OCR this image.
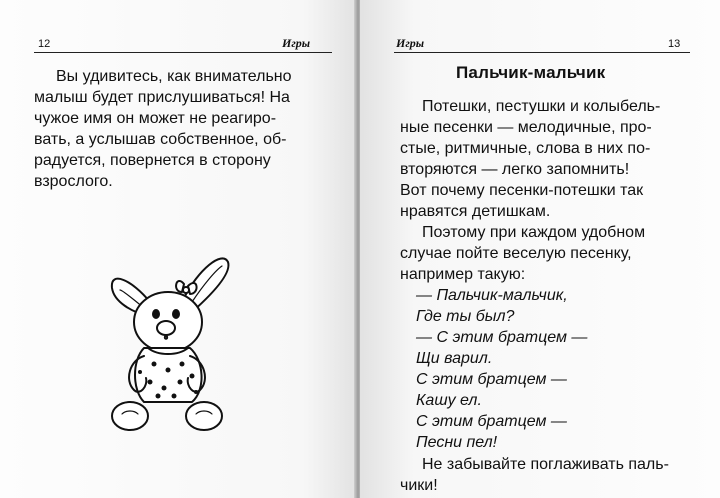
12	Игры

Вы удивитесь, как внимательно

малыш будет прислушиваться! На

чужое имя он может не реагиро-

вать, а услышав собственное, об-

радуется, повернется в сторону

взрослого.

Игры	13
Пальчик-мальчик

Потешки, пестушки и колыбель-

ные песенки — мелодичные, про-

стые, ритмичные, слова в них по-

вторяются — легко запомнить!

Вот почему песенки-потешки так

нравятся детишкам.

Поэтому при каждом удобном

случае пойте веселую песенку,

например такую:

— Пальчик-мальчик,

Где ты был?

— С этим братцем —

Щи варил.

С этим братцем —

Кашу ел.

С этим братцем —

Песни пел!

Не забывайте поглаживать паль-

чики!
